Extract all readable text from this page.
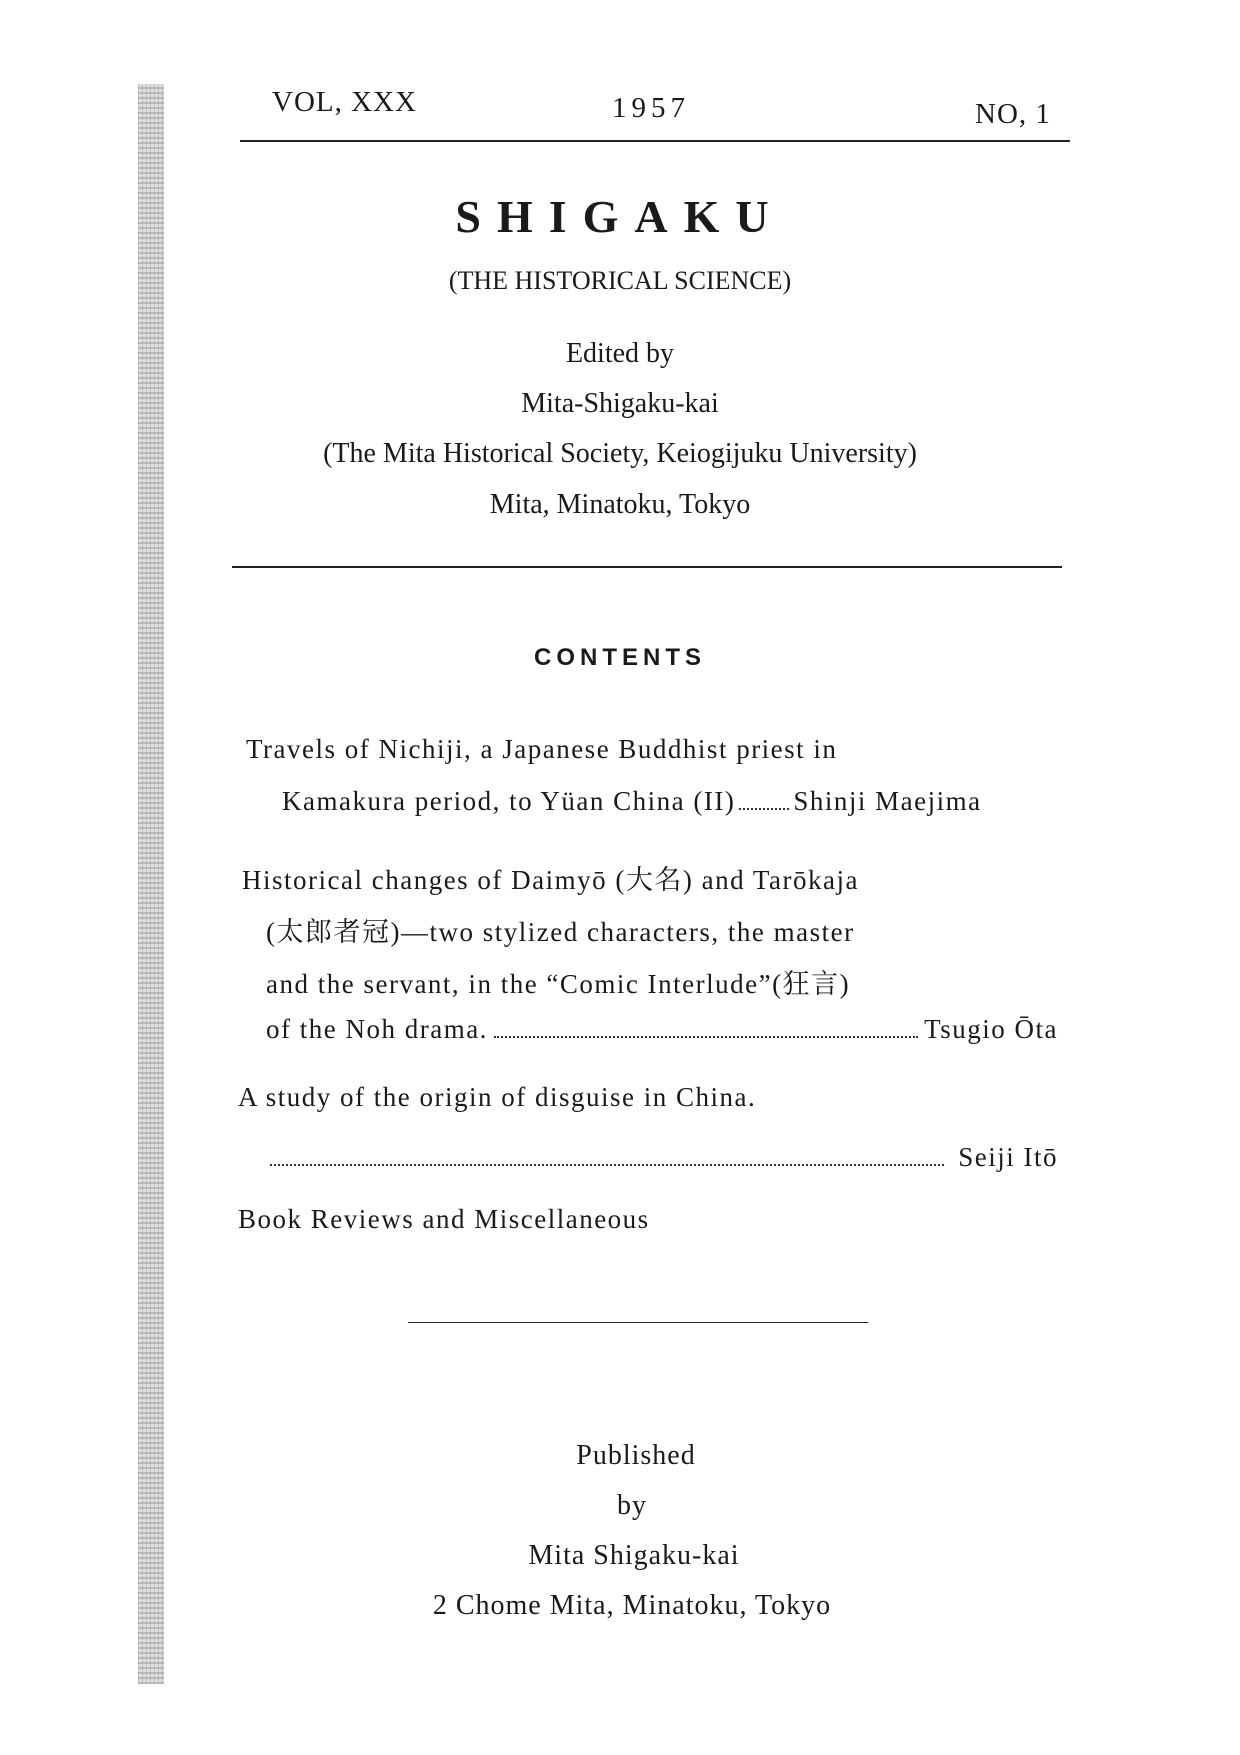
VOL, XXX	1957	NO, 1
SHIGAKU
(THE HISTORICAL SCIENCE)
Edited by
Mita-Shigaku-kai
(The Mita Historical Society, Keiogijuku University)
Mita, Minatoku, Tokyo
CONTENTS
Travels of Nichiji, a Japanese Buddhist priest in
Kamakura period, to Yüan China (II) Shinji Maejima
Historical changes of Daimyō (大名) and Tarōkaja
(太郎者冠)—two stylized characters, the master
and the servant, in the “Comic Interlude”(狂言)
of the Noh drama.	Tsugio Ōta
A study of the origin of disguise in China.
Seiji Itō
Book Reviews and Miscellaneous
Published
by
Mita Shigaku-kai
2 Chome Mita, Minatoku, Tokyo
